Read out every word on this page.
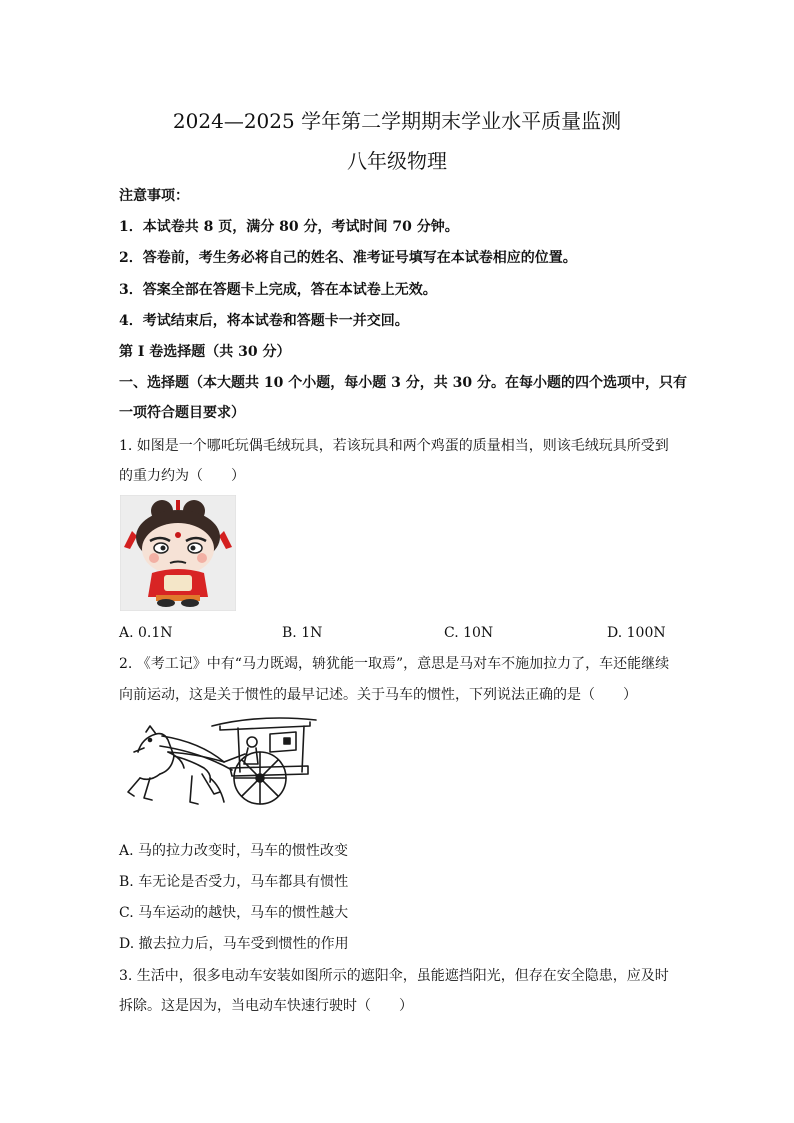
2024—2025 学年第二学期期末学业水平质量监测
八年级物理
注意事项：
1．本试卷共 8 页，满分 80 分，考试时间 70 分钟。
2．答卷前，考生务必将自己的姓名、准考证号填写在本试卷相应的位置。
3．答案全部在答题卡上完成，答在本试卷上无效。
4．考试结束后，将本试卷和答题卡一并交回。
第 I 卷选择题（共 30 分）
一、选择题（本大题共 10 个小题，每小题 3 分，共 30 分。在每小题的四个选项中，只有
一项符合题目要求）
1. 如图是一个哪吒玩偶毛绒玩具，若该玩具和两个鸡蛋的质量相当，则该毛绒玩具所受到
的重力约为（　　）
A. 0.1N	B. 1N	C. 10N	D. 100N
2. 《考工记》中有“马力既竭，辀犹能一取焉”，意思是马对车不施加拉力了，车还能继续
向前运动，这是关于惯性的最早记述。关于马车的惯性，下列说法正确的是（　　）
A. 马的拉力改变时，马车的惯性改变
B. 车无论是否受力，马车都具有惯性
C. 马车运动的越快，马车的惯性越大
D. 撤去拉力后，马车受到惯性的作用
3. 生活中，很多电动车安装如图所示的遮阳伞，虽能遮挡阳光，但存在安全隐患，应及时
拆除。这是因为，当电动车快速行驶时（　　）
